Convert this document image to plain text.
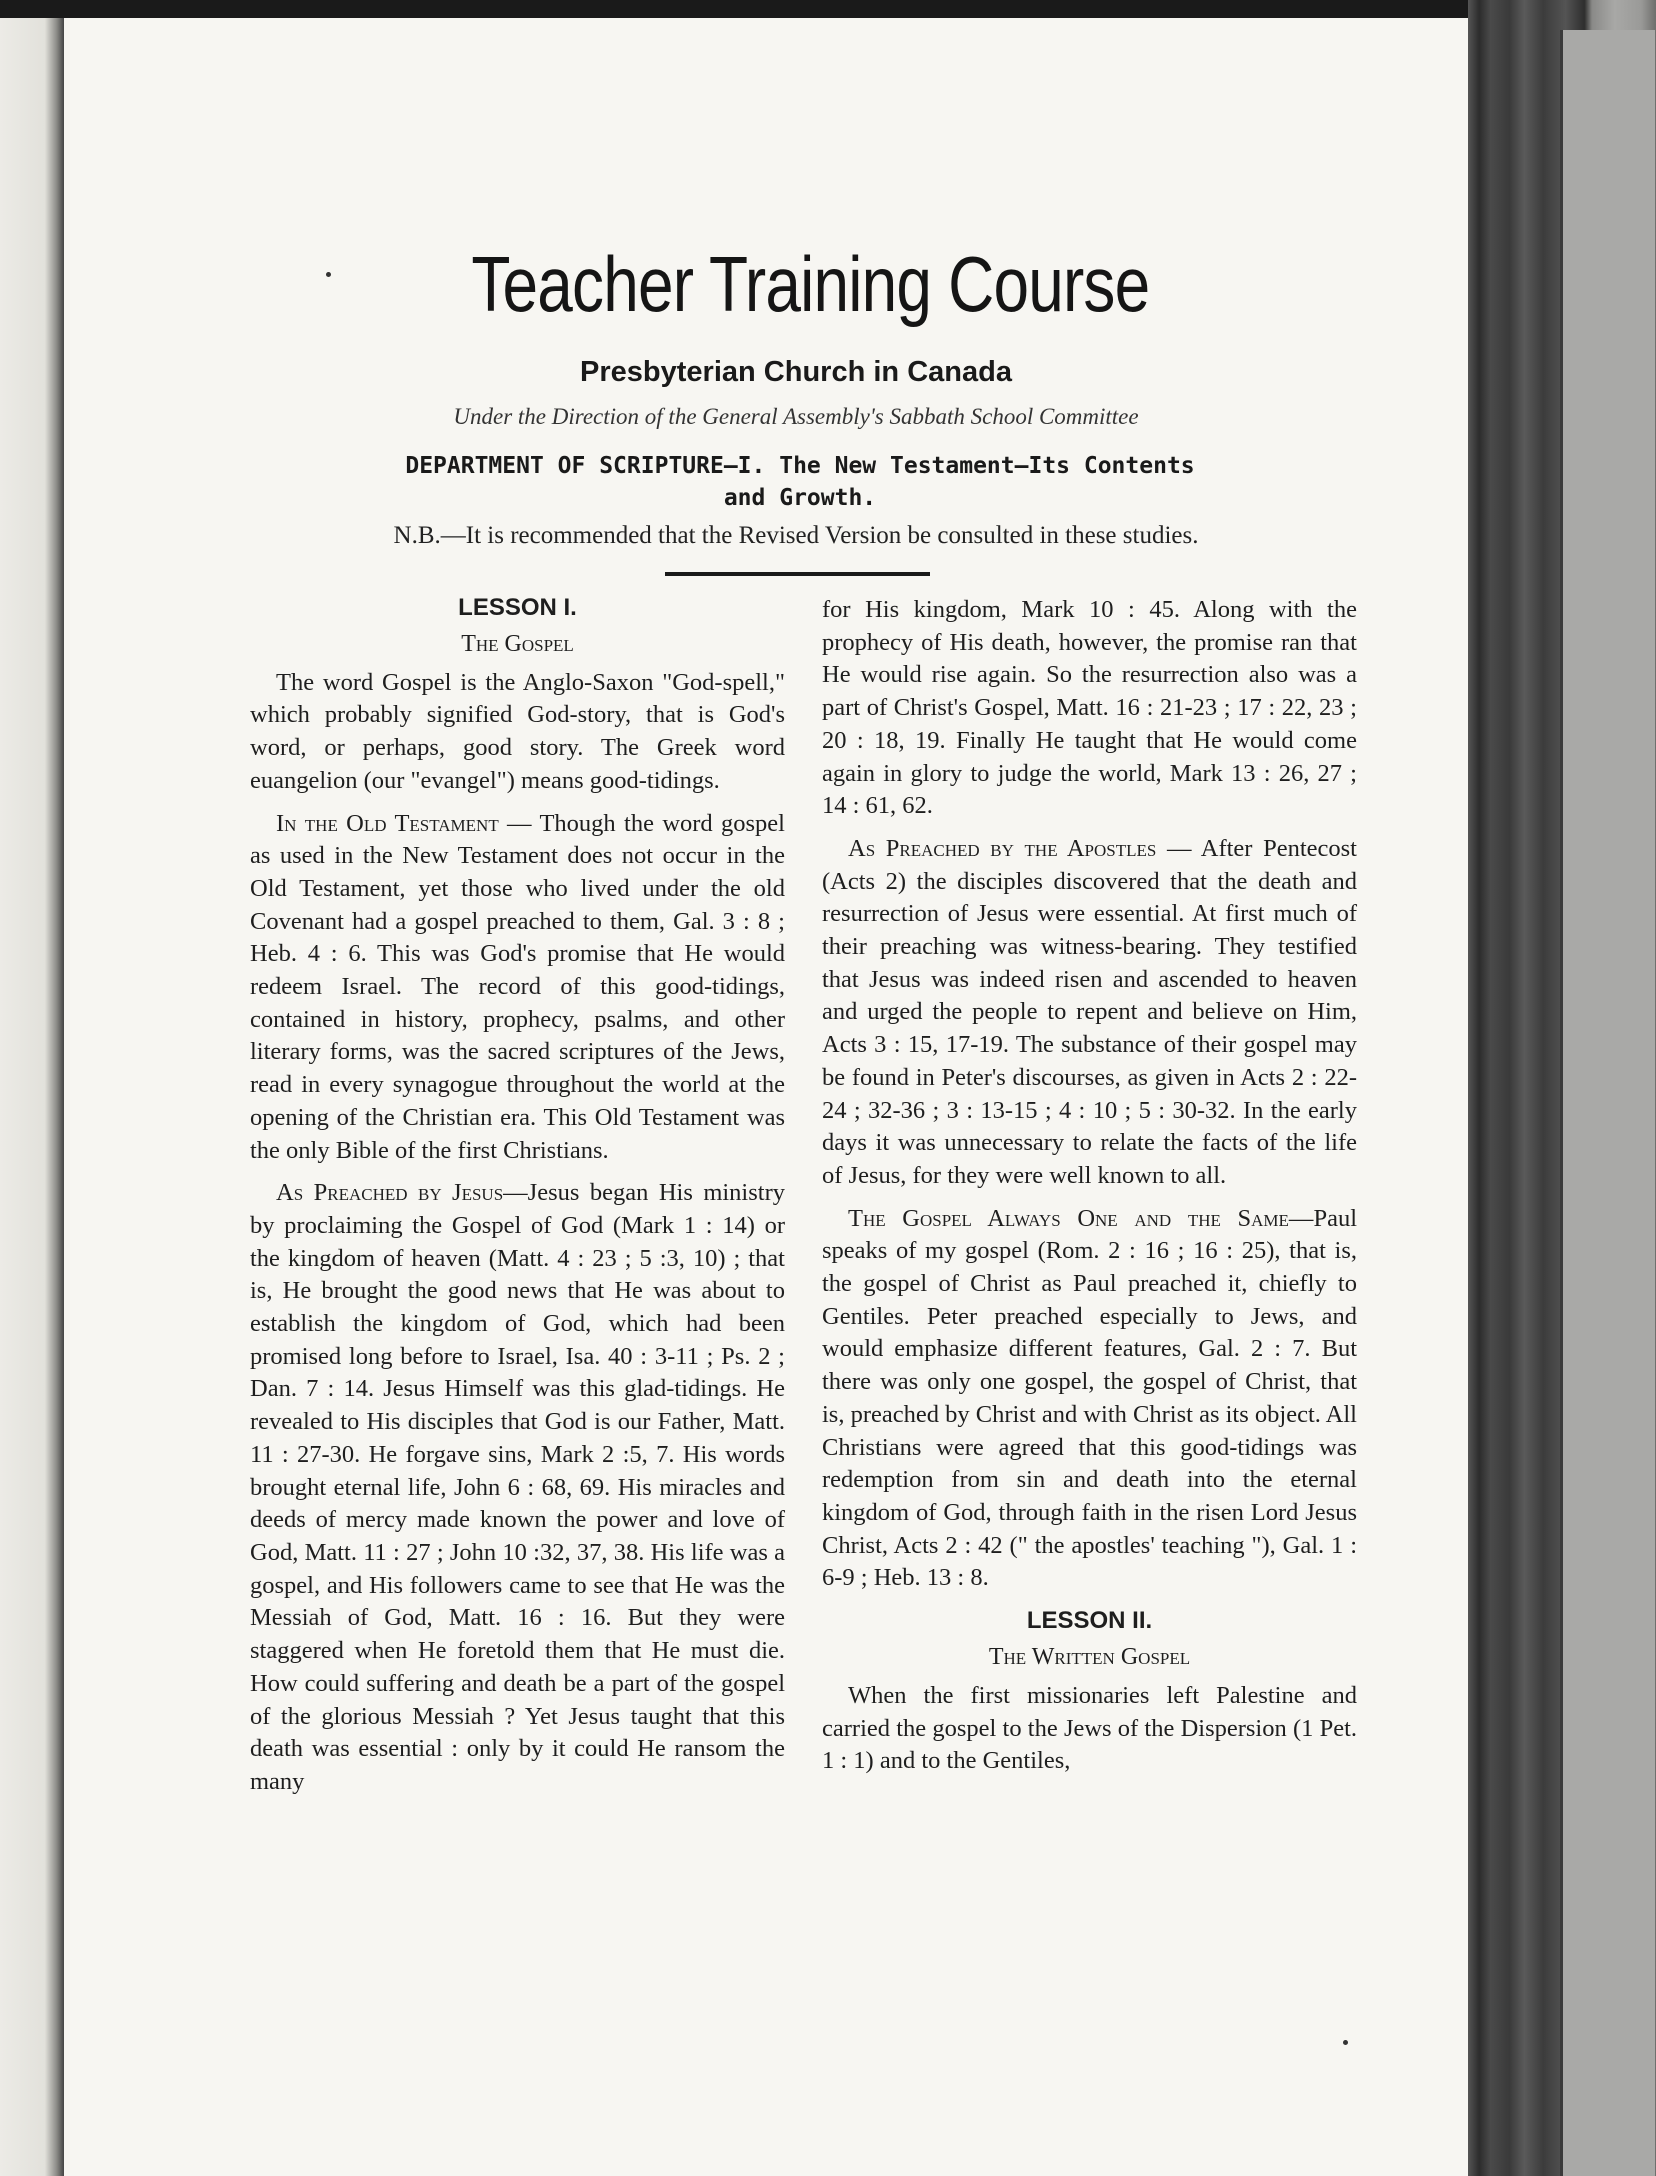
Teacher Training Course
Presbyterian Church in Canada
Under the Direction of the General Assembly's Sabbath School Committee
DEPARTMENT OF SCRIPTURE—I. The New Testament—Its Contents
and Growth.
N.B.—It is recommended that the Revised Version be consulted in these studies.

LESSON I.

The Gospel

The word Gospel is the Anglo-Saxon "God-spell," which probably signified God-story, that is God's word, or perhaps, good story. The Greek word euangelion (our "evangel") means good-tidings.

In the Old Testament — Though the word gospel as used in the New Testament does not occur in the Old Testament, yet those who lived under the old Covenant had a gospel preached to them, Gal. 3 : 8 ; Heb. 4 : 6. This was God's promise that He would redeem Israel. The record of this good-tidings, contained in history, prophecy, psalms, and other literary forms, was the sacred scriptures of the Jews, read in every synagogue throughout the world at the opening of the Christian era. This Old Testament was the only Bible of the first Christians.

As Preached by Jesus—Jesus began His ministry by proclaiming the Gospel of God (Mark 1 : 14) or the kingdom of heaven (Matt. 4 : 23 ; 5 :3, 10) ; that is, He brought the good news that He was about to establish the kingdom of God, which had been promised long before to Israel, Isa. 40 : 3-11 ; Ps. 2 ; Dan. 7 : 14. Jesus Himself was this glad-tidings. He revealed to His disciples that God is our Father, Matt. 11 : 27-30. He forgave sins, Mark 2 :5, 7. His words brought eternal life, John 6 : 68, 69. His miracles and deeds of mercy made known the power and love of God, Matt. 11 : 27 ; John 10 :32, 37, 38. His life was a gospel, and His followers came to see that He was the Messiah of God, Matt. 16 : 16. But they were staggered when He foretold them that He must die. How could suffering and death be a part of the gospel of the glorious Messiah ? Yet Jesus taught that this death was essential : only by it could He ransom the many

for His kingdom, Mark 10 : 45. Along with the prophecy of His death, however, the promise ran that He would rise again. So the resurrection also was a part of Christ's Gospel, Matt. 16 : 21-23 ; 17 : 22, 23 ; 20 : 18, 19. Finally He taught that He would come again in glory to judge the world, Mark 13 : 26, 27 ; 14 : 61, 62.

As Preached by the Apostles — After Pentecost (Acts 2) the disciples discovered that the death and resurrection of Jesus were essential. At first much of their preaching was witness-bearing. They testified that Jesus was indeed risen and ascended to heaven and urged the people to repent and believe on Him, Acts 3 : 15, 17-19. The substance of their gospel may be found in Peter's discourses, as given in Acts 2 : 22-24 ; 32-36 ; 3 : 13-15 ; 4 : 10 ; 5 : 30-32. In the early days it was unnecessary to relate the facts of the life of Jesus, for they were well known to all.

The Gospel Always One and the Same—Paul speaks of my gospel (Rom. 2 : 16 ; 16 : 25), that is, the gospel of Christ as Paul preached it, chiefly to Gentiles. Peter preached especially to Jews, and would emphasize different features, Gal. 2 : 7. But there was only one gospel, the gospel of Christ, that is, preached by Christ and with Christ as its object. All Christians were agreed that this good-tidings was redemption from sin and death into the eternal kingdom of God, through faith in the risen Lord Jesus Christ, Acts 2 : 42 (" the apostles' teaching "), Gal. 1 : 6-9 ; Heb. 13 : 8.

LESSON II.

The Written Gospel

When the first missionaries left Palestine and carried the gospel to the Jews of the Dispersion (1 Pet. 1 : 1) and to the Gentiles,
